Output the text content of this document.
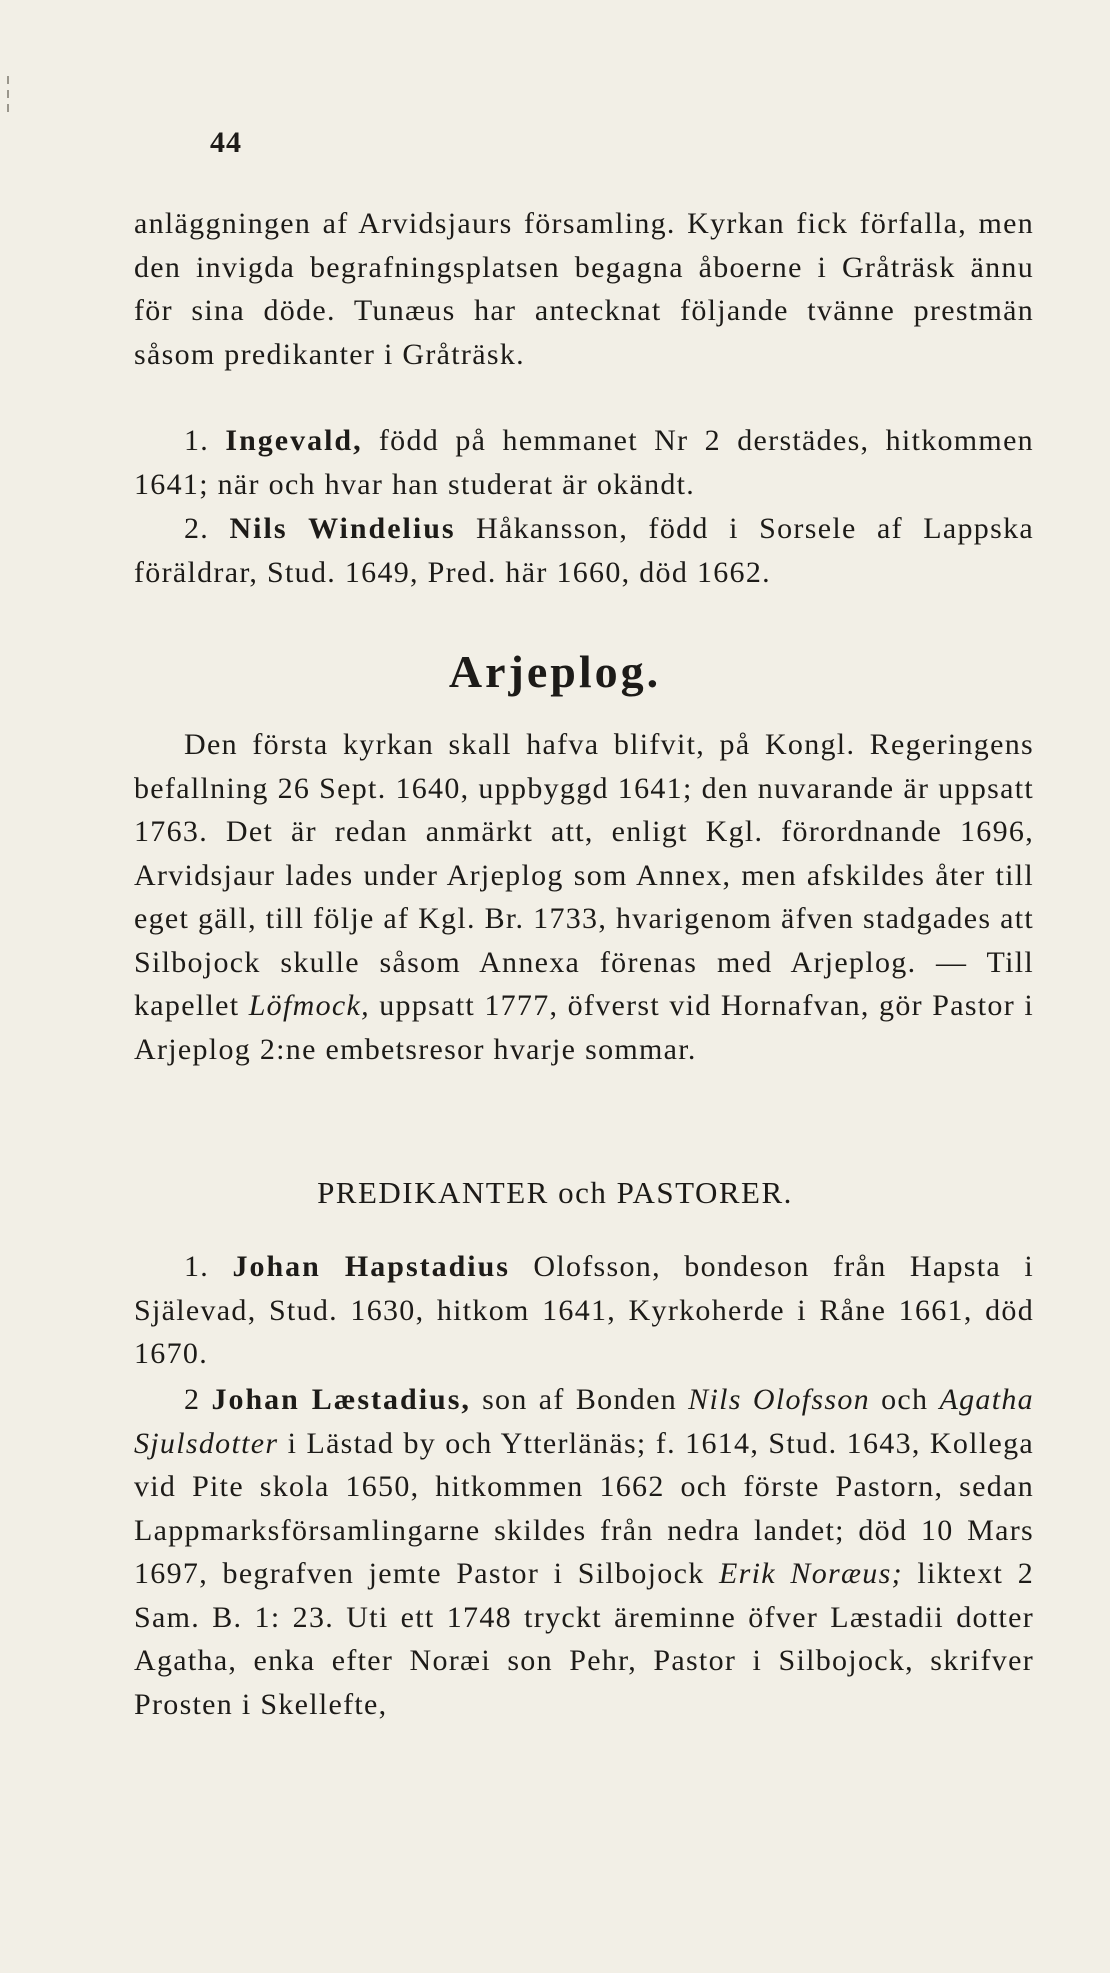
44
anläggningen af Arvidsjaurs församling. Kyrkan fick förfalla, men den invigda begrafningsplatsen begagna åboerne i Gråträsk ännu för sina döde. Tunæus har antecknat följande tvänne prestmän såsom predikanter i Gråträsk.
1. Ingevald, född på hemmanet Nr 2 derstädes, hitkommen 1641; när och hvar han studerat är okändt.
2. Nils Windelius Håkansson, född i Sorsele af Lappska föräldrar, Stud. 1649, Pred. här 1660, död 1662.
Arjeplog.
Den första kyrkan skall hafva blifvit, på Kongl. Regeringens befallning 26 Sept. 1640, uppbyggd 1641; den nuvarande är uppsatt 1763. Det är redan anmärkt att, enligt Kgl. förordnande 1696, Arvidsjaur lades under Arjeplog som Annex, men afskildes åter till eget gäll, till följe af Kgl. Br. 1733, hvarigenom äfven stadgades att Silbojock skulle såsom Annexa förenas med Arjeplog. — Till kapellet Löfmock, uppsatt 1777, öfverst vid Hornafvan, gör Pastor i Arjeplog 2:ne embetsresor hvarje sommar.
PREDIKANTER och PASTORER.
1. Johan Hapstadius Olofsson, bondeson från Hapsta i Själevad, Stud. 1630, hitkom 1641, Kyrkoherde i Råne 1661, död 1670.
2 Johan Læstadius, son af Bonden Nils Olofsson och Agatha Sjulsdotter i Lästad by och Ytterlänäs; f. 1614, Stud. 1643, Kollega vid Pite skola 1650, hitkommen 1662 och förste Pastorn, sedan Lappmarksförsamlingarne skildes från nedra landet; död 10 Mars 1697, begrafven jemte Pastor i Silbojock Erik Noræus; liktext 2 Sam. B. 1: 23. Uti ett 1748 tryckt äreminne öfver Læstadii dotter Agatha, enka efter Noræi son Pehr, Pastor i Silbojock, skrifver Prosten i Skellefte,
